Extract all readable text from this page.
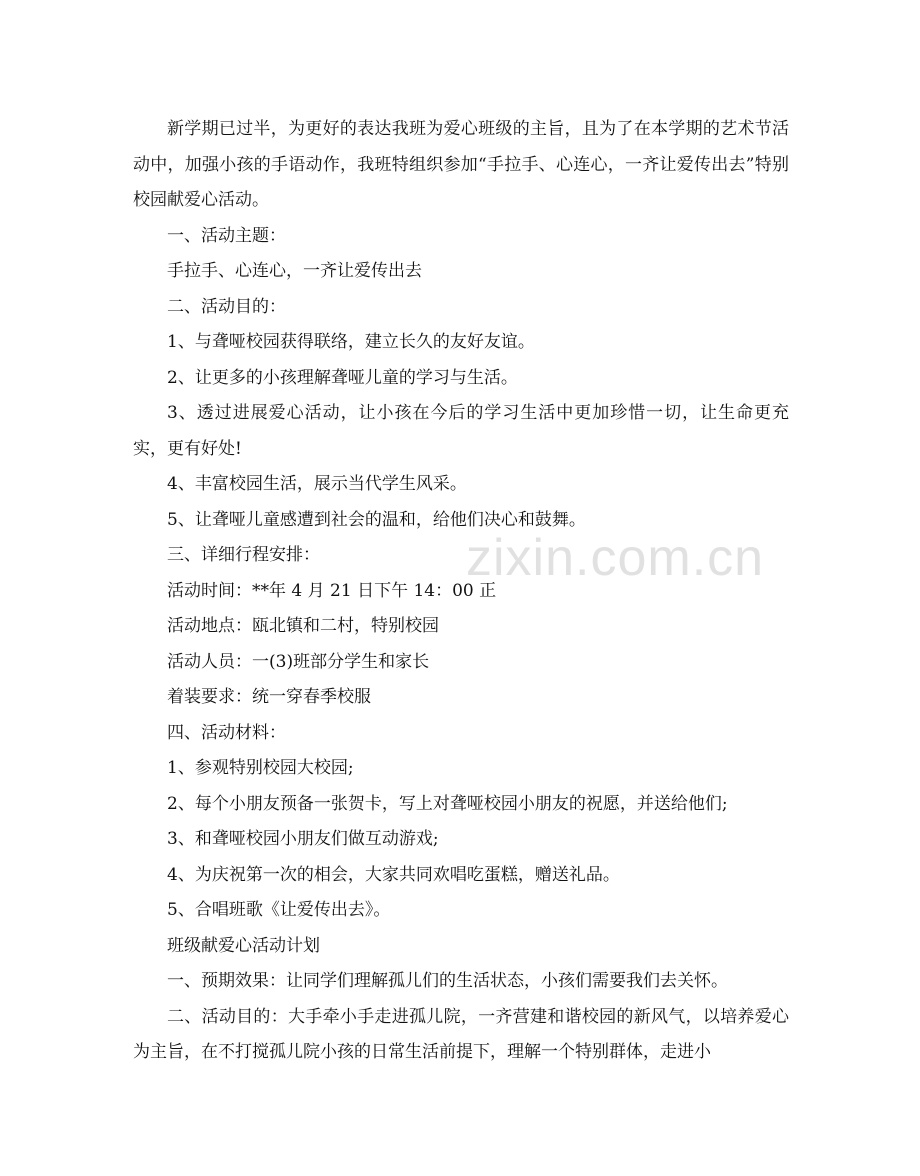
新学期已过半，为更好的表达我班为爱心班级的主旨，且为了在本学期的艺术节活动中，加强小孩的手语动作，我班特组织参加“手拉手、心连心，一齐让爱传出去”特别校园献爱心活动。

一、活动主题：

手拉手、心连心，一齐让爱传出去

二、活动目的：

1、与聋哑校园获得联络，建立长久的友好友谊。

2、让更多的小孩理解聋哑儿童的学习与生活。

3、透过进展爱心活动，让小孩在今后的学习生活中更加珍惜一切，让生命更充实，更有好处!

4、丰富校园生活，展示当代学生风采。

5、让聋哑儿童感遭到社会的温和，给他们决心和鼓舞。

三、详细行程安排：

活动时间：**年 4 月 21 日下午 14：00 正

活动地点：瓯北镇和二村，特别校园

活动人员：一(3)班部分学生和家长

着装要求：统一穿春季校服

四、活动材料：

1、参观特别校园大校园;

2、每个小朋友预备一张贺卡，写上对聋哑校园小朋友的祝愿，并送给他们;

3、和聋哑校园小朋友们做互动游戏;

4、为庆祝第一次的相会，大家共同欢唱吃蛋糕，赠送礼品。

5、合唱班歌《让爱传出去》。

班级献爱心活动计划

一、预期效果：让同学们理解孤儿们的生活状态，小孩们需要我们去关怀。

二、活动目的：大手牵小手走进孤儿院，一齐营建和谐校园的新风气，以培养爱心为主旨，在不打搅孤儿院小孩的日常生活前提下，理解一个特别群体，走进小

zixin.com.cn
